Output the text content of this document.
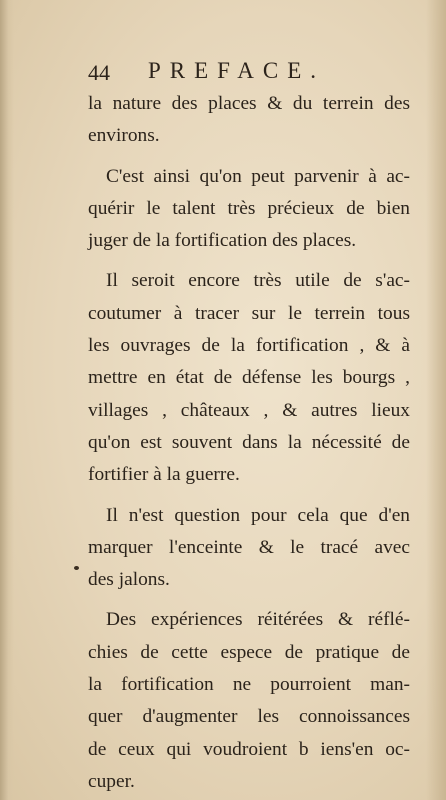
44 PREFACE.
la nature des places & du terrein des
environs.
C'est ainsi qu'on peut parvenir à ac-
quérir le talent très précieux de bien
juger de la fortification des places.
Il seroit encore très utile de s'ac-
coutumer à tracer sur le terrein tous
les ouvrages de la fortification , & à
mettre en état de défense les bourgs ,
villages , châteaux , & autres lieux
qu'on est souvent dans la nécessité de
fortifier à la guerre.
Il n'est question pour cela que d'en
marquer l'enceinte & le tracé avec
des jalons.
Des expériences réitérées & réflé-
chies de cette espece de pratique de
la fortification ne pourroient man-
quer d'augmenter les connoissances
de ceux qui voudroient b iens'en oc-
cuper.
